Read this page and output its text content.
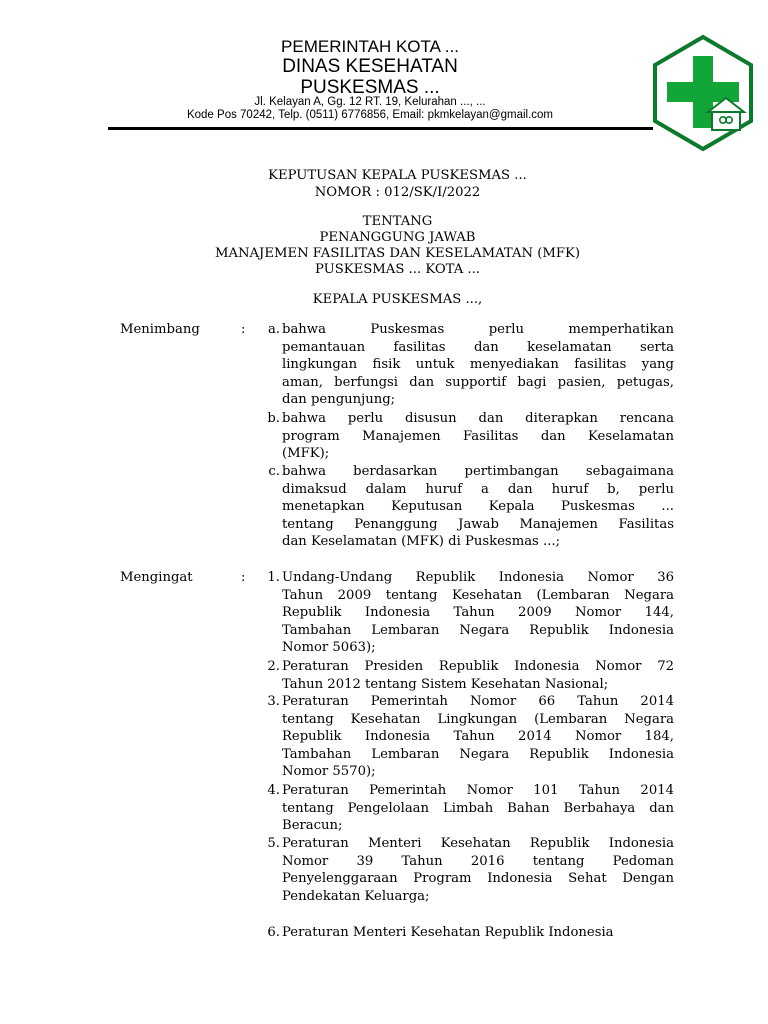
PEMERINTAH KOTA ...
DINAS KESEHATAN
PUSKESMAS ...
Jl. Kelayan A, Gg. 12 RT. 19, Kelurahan ..., ...
Kode Pos 70242, Telp. (0511) 6776856, Email: pkmkelayan@gmail.com
KEPUTUSAN KEPALA PUSKESMAS ...
NOMOR : 012/SK/I/2022
TENTANG
PENANGGUNG JAWAB
MANAJEMEN FASILITAS DAN KESELAMATAN (MFK)
PUSKESMAS ... KOTA ...
KEPALA PUSKESMAS ...,
Menimbang	:	a. bahwa Puskesmas perlu memperhatikan
pemantauan fasilitas dan keselamatan serta
lingkungan fisik untuk menyediakan fasilitas yang
aman, berfungsi dan supportif bagi pasien, petugas,
dan pengunjung;
b. bahwa perlu disusun dan diterapkan rencana
program Manajemen Fasilitas dan Keselamatan
(MFK);
c. bahwa berdasarkan pertimbangan sebagaimana
dimaksud dalam huruf a dan huruf b, perlu
menetapkan Keputusan Kepala Puskesmas ...
tentang Penanggung Jawab Manajemen Fasilitas
dan Keselamatan (MFK) di Puskesmas ...;
Mengingat	:	1. Undang-Undang Republik Indonesia Nomor 36
Tahun 2009 tentang Kesehatan (Lembaran Negara
Republik Indonesia Tahun 2009 Nomor 144,
Tambahan Lembaran Negara Republik Indonesia
Nomor 5063);
2. Peraturan Presiden Republik Indonesia Nomor 72
Tahun 2012 tentang Sistem Kesehatan Nasional;
3. Peraturan Pemerintah Nomor 66 Tahun 2014
tentang Kesehatan Lingkungan (Lembaran Negara
Republik Indonesia Tahun 2014 Nomor 184,
Tambahan Lembaran Negara Republik Indonesia
Nomor 5570);
4. Peraturan Pemerintah Nomor 101 Tahun 2014
tentang Pengelolaan Limbah Bahan Berbahaya dan
Beracun;
5. Peraturan Menteri Kesehatan Republik Indonesia
Nomor 39 Tahun 2016 tentang Pedoman
Penyelenggaraan Program Indonesia Sehat Dengan
Pendekatan Keluarga;
6. Peraturan Menteri Kesehatan Republik Indonesia
